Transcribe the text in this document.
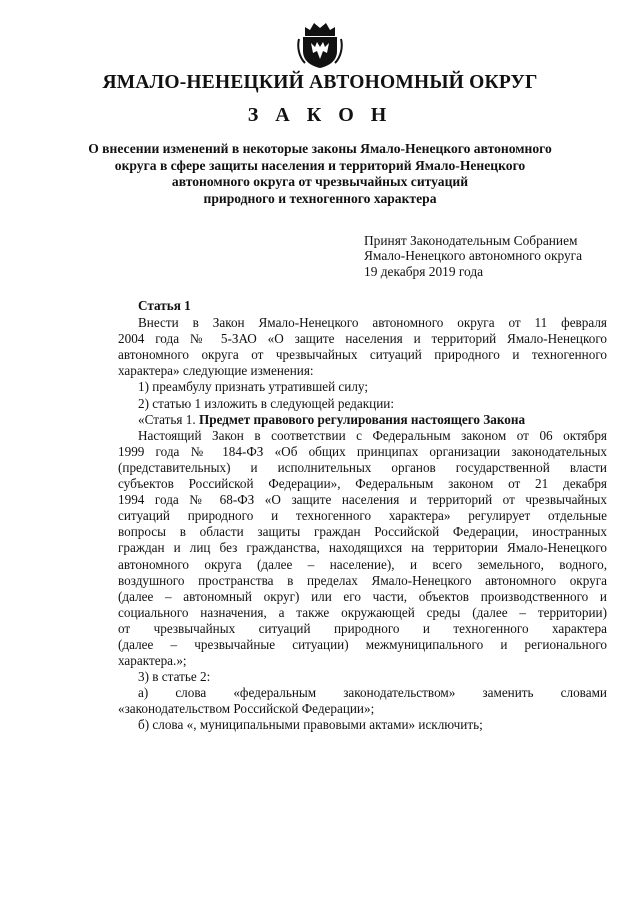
ЯМАЛО-НЕНЕЦКИЙ АВТОНОМНЫЙ ОКРУГ
З А К О Н
О внесении изменений в некоторые законы Ямало-Ненецкого автономного
округа в сфере защиты населения и территорий Ямало-Ненецкого
автономного округа от чрезвычайных ситуаций
природного и техногенного характера
Принят Законодательным Собранием
Ямало-Ненецкого автономного округа
19 декабря 2019 года
Статья 1
Внести в Закон Ямало-Ненецкого автономного округа от 11 февраля
2004 года № 5-ЗАО «О защите населения и территорий Ямало-Ненецкого
автономного округа от чрезвычайных ситуаций природного и техногенного
характера» следующие изменения:
1) преамбулу признать утратившей силу;
2) статью 1 изложить в следующей редакции:
«Статья 1. Предмет правового регулирования настоящего Закона
Настоящий Закон в соответствии с Федеральным законом от 06 октября
1999 года № 184-ФЗ «Об общих принципах организации законодательных
(представительных) и исполнительных органов государственной власти
субъектов Российской Федерации», Федеральным законом от 21 декабря
1994 года № 68-ФЗ «О защите населения и территорий от чрезвычайных
ситуаций природного и техногенного характера» регулирует отдельные
вопросы в области защиты граждан Российской Федерации, иностранных
граждан и лиц без гражданства, находящихся на территории Ямало-Ненецкого
автономного округа (далее – население), и всего земельного, водного,
воздушного пространства в пределах Ямало-Ненецкого автономного округа
(далее – автономный округ) или его части, объектов производственного и
социального назначения, а также окружающей среды (далее – территории)
от чрезвычайных ситуаций природного и техногенного характера
(далее – чрезвычайные ситуации) межмуниципального и регионального
характера.»;
3) в статье 2:
а) слова «федеральным законодательством» заменить словами
«законодательством Российской Федерации»;
б) слова «, муниципальными правовыми актами» исключить;
